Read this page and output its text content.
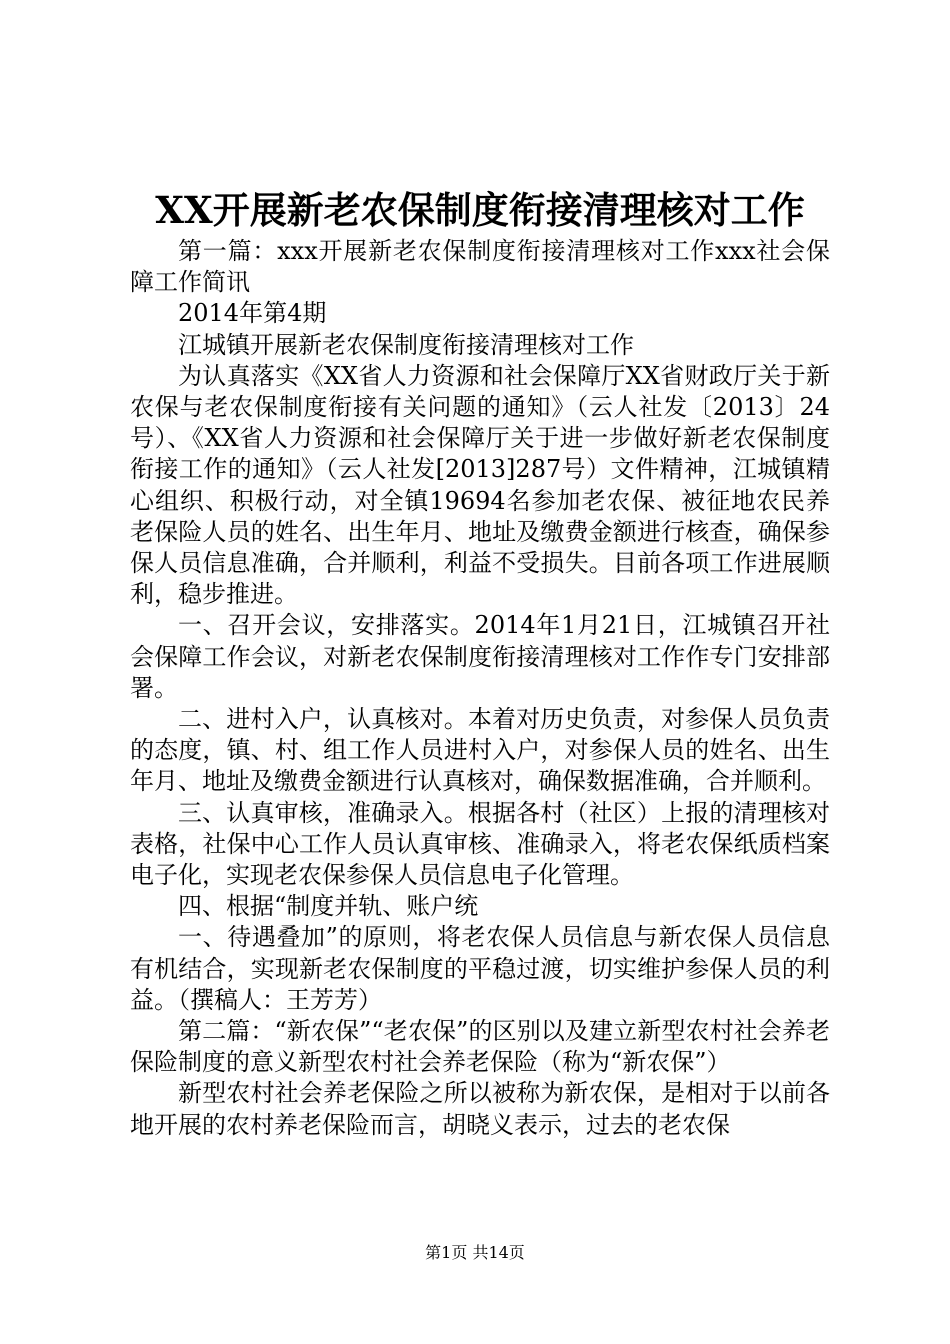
XX开展新老农保制度衔接清理核对工作

第一篇：xxx开展新老农保制度衔接清理核对工作xxx社会保障工作简讯

2014年第4期

江城镇开展新老农保制度衔接清理核对工作

为认真落实《XX省人力资源和社会保障厅XX省财政厅关于新农保与老农保制度衔接有关问题的通知》（云人社发〔2013〕24号）、《XX省人力资源和社会保障厅关于进一步做好新老农保制度衔接工作的通知》（云人社发[2013]287号）文件精神，江城镇精心组织、积极行动，对全镇19694名参加老农保、被征地农民养老保险人员的姓名、出生年月、地址及缴费金额进行核查，确保参保人员信息准确，合并顺利，利益不受损失。目前各项工作进展顺利，稳步推进。

一、召开会议，安排落实。2014年1月21日，江城镇召开社会保障工作会议，对新老农保制度衔接清理核对工作作专门安排部署。

二、进村入户，认真核对。本着对历史负责，对参保人员负责的态度，镇、村、组工作人员进村入户，对参保人员的姓名、出生年月、地址及缴费金额进行认真核对，确保数据准确，合并顺利。

三、认真审核，准确录入。根据各村（社区）上报的清理核对表格，社保中心工作人员认真审核、准确录入，将老农保纸质档案电子化，实现老农保参保人员信息电子化管理。

四、根据“制度并轨、账户统

一、待遇叠加”的原则，将老农保人员信息与新农保人员信息有机结合，实现新老农保制度的平稳过渡，切实维护参保人员的利益。（撰稿人：王芳芳）

第二篇：“新农保”“老农保”的区别以及建立新型农村社会养老保险制度的意义新型农村社会养老保险（称为“新农保”）

新型农村社会养老保险之所以被称为新农保，是相对于以前各地开展的农村养老保险而言，胡晓义表示，过去的老农保

第1页 共14页
